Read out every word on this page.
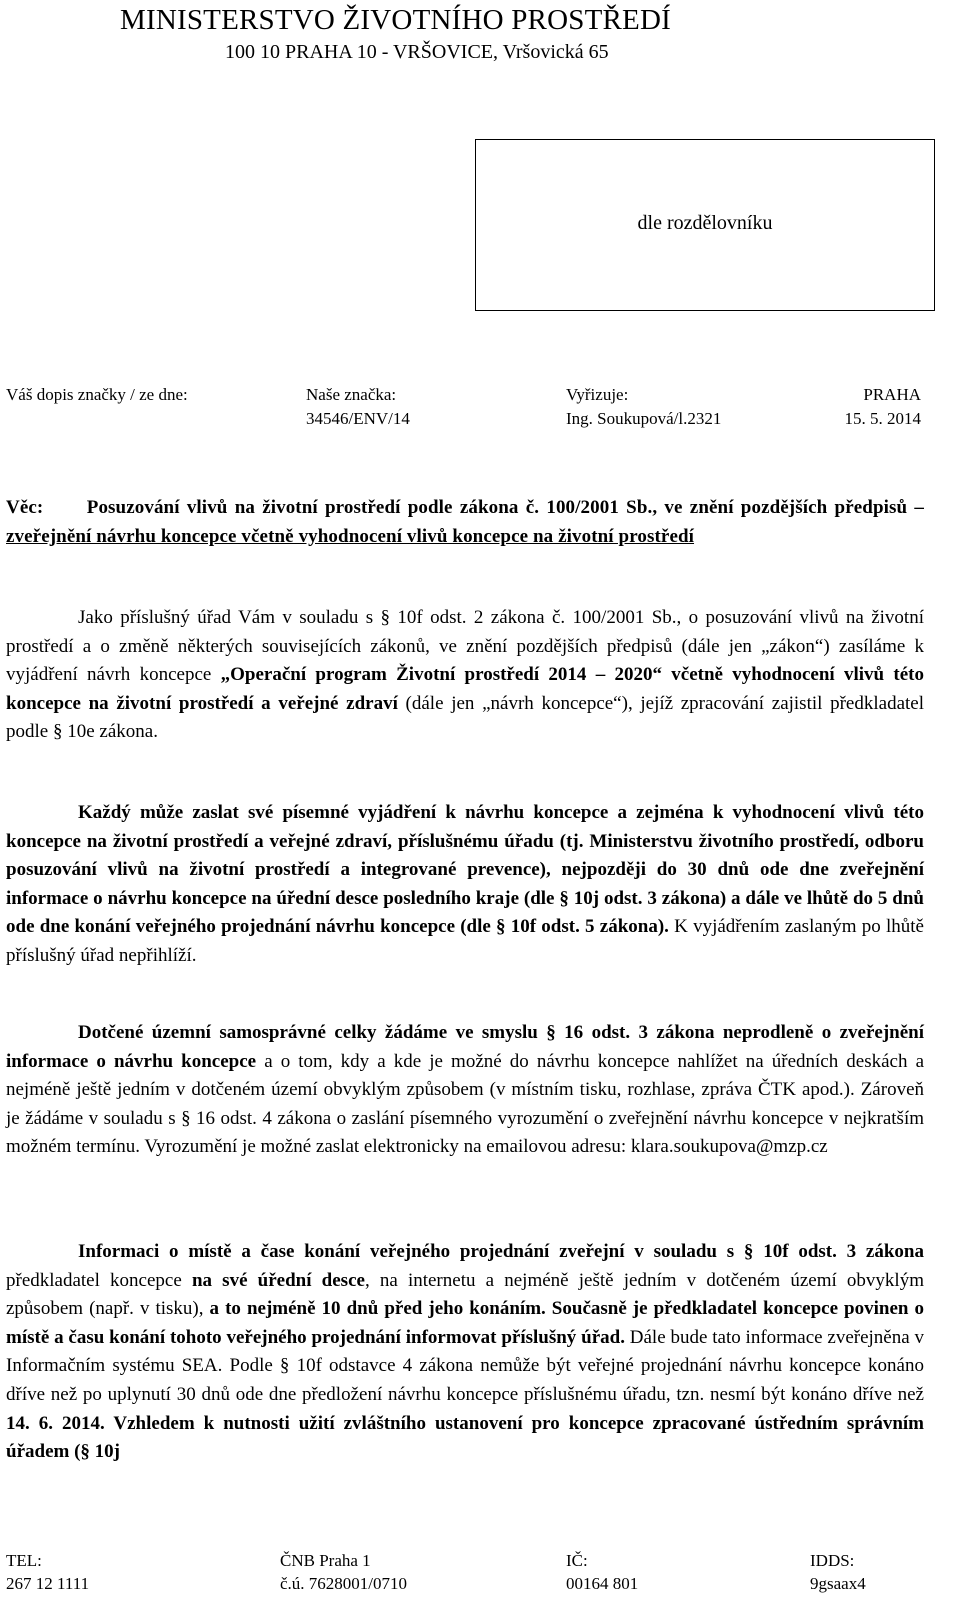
MINISTERSTVO ŽIVOTNÍHO PROSTŘEDÍ
100 10 PRAHA 10 - VRŠOVICE, Vršovická 65
dle rozdělovníku
Váš dopis značky / ze dne:	Naše značka:
34546/ENV/14
Vyřizuje:
Ing. Soukupová/l.2321
PRAHA
15. 5. 2014
Věc: Posuzování vlivů na životní prostředí podle zákona č. 100/2001 Sb., ve znění pozdějších předpisů – zveřejnění návrhu koncepce včetně vyhodnocení vlivů koncepce na životní prostředí
Jako příslušný úřad Vám v souladu s § 10f odst. 2 zákona č. 100/2001 Sb., o posuzování vlivů na životní prostředí a o změně některých souvisejících zákonů, ve znění pozdějších předpisů (dále jen „zákon“) zasíláme k vyjádření návrh koncepce „Operační program Životní prostředí 2014 – 2020“ včetně vyhodnocení vlivů této koncepce na životní prostředí a veřejné zdraví (dále jen „návrh koncepce“), jejíž zpracování zajistil předkladatel podle § 10e zákona.
Každý může zaslat své písemné vyjádření k návrhu koncepce a zejména k vyhodnocení vlivů této koncepce na životní prostředí a veřejné zdraví, příslušnému úřadu (tj. Ministerstvu životního prostředí, odboru posuzování vlivů na životní prostředí a integrované prevence), nejpozději do 30 dnů ode dne zveřejnění informace o návrhu koncepce na úřední desce posledního kraje (dle § 10j odst. 3 zákona) a dále ve lhůtě do 5 dnů ode dne konání veřejného projednání návrhu koncepce (dle § 10f odst. 5 zákona). K vyjádřením zaslaným po lhůtě příslušný úřad nepřihlíží.
Dotčené územní samosprávné celky žádáme ve smyslu § 16 odst. 3 zákona neprodleně o zveřejnění informace o návrhu koncepce a o tom, kdy a kde je možné do návrhu koncepce nahlížet na úředních deskách a nejméně ještě jedním v dotčeném území obvyklým způsobem (v místním tisku, rozhlase, zpráva ČTK apod.). Zároveň je žádáme v souladu s § 16 odst. 4 zákona o zaslání písemného vyrozumění o zveřejnění návrhu koncepce v nejkratším možném termínu. Vyrozumění je možné zaslat elektronicky na emailovou adresu: klara.soukupova@mzp.cz
Informaci o místě a čase konání veřejného projednání zveřejní v souladu s § 10f odst. 3 zákona předkladatel koncepce na své úřední desce, na internetu a nejméně ještě jedním v dotčeném území obvyklým způsobem (např. v tisku), a to nejméně 10 dnů před jeho konáním. Současně je předkladatel koncepce povinen o místě a času konání tohoto veřejného projednání informovat příslušný úřad. Dále bude tato informace zveřejněna v Informačním systému SEA. Podle § 10f odstavce 4 zákona nemůže být veřejné projednání návrhu koncepce konáno dříve než po uplynutí 30 dnů ode dne předložení návrhu koncepce příslušnému úřadu, tzn. nesmí být konáno dříve než 14. 6. 2014. Vzhledem k nutnosti užití zvláštního ustanovení pro koncepce zpracované ústředním správním úřadem (§ 10j
TEL:
267 12 1111
ČNB Praha 1
č.ú. 7628001/0710
IČ:
00164 801
IDDS:
9gsaax4
